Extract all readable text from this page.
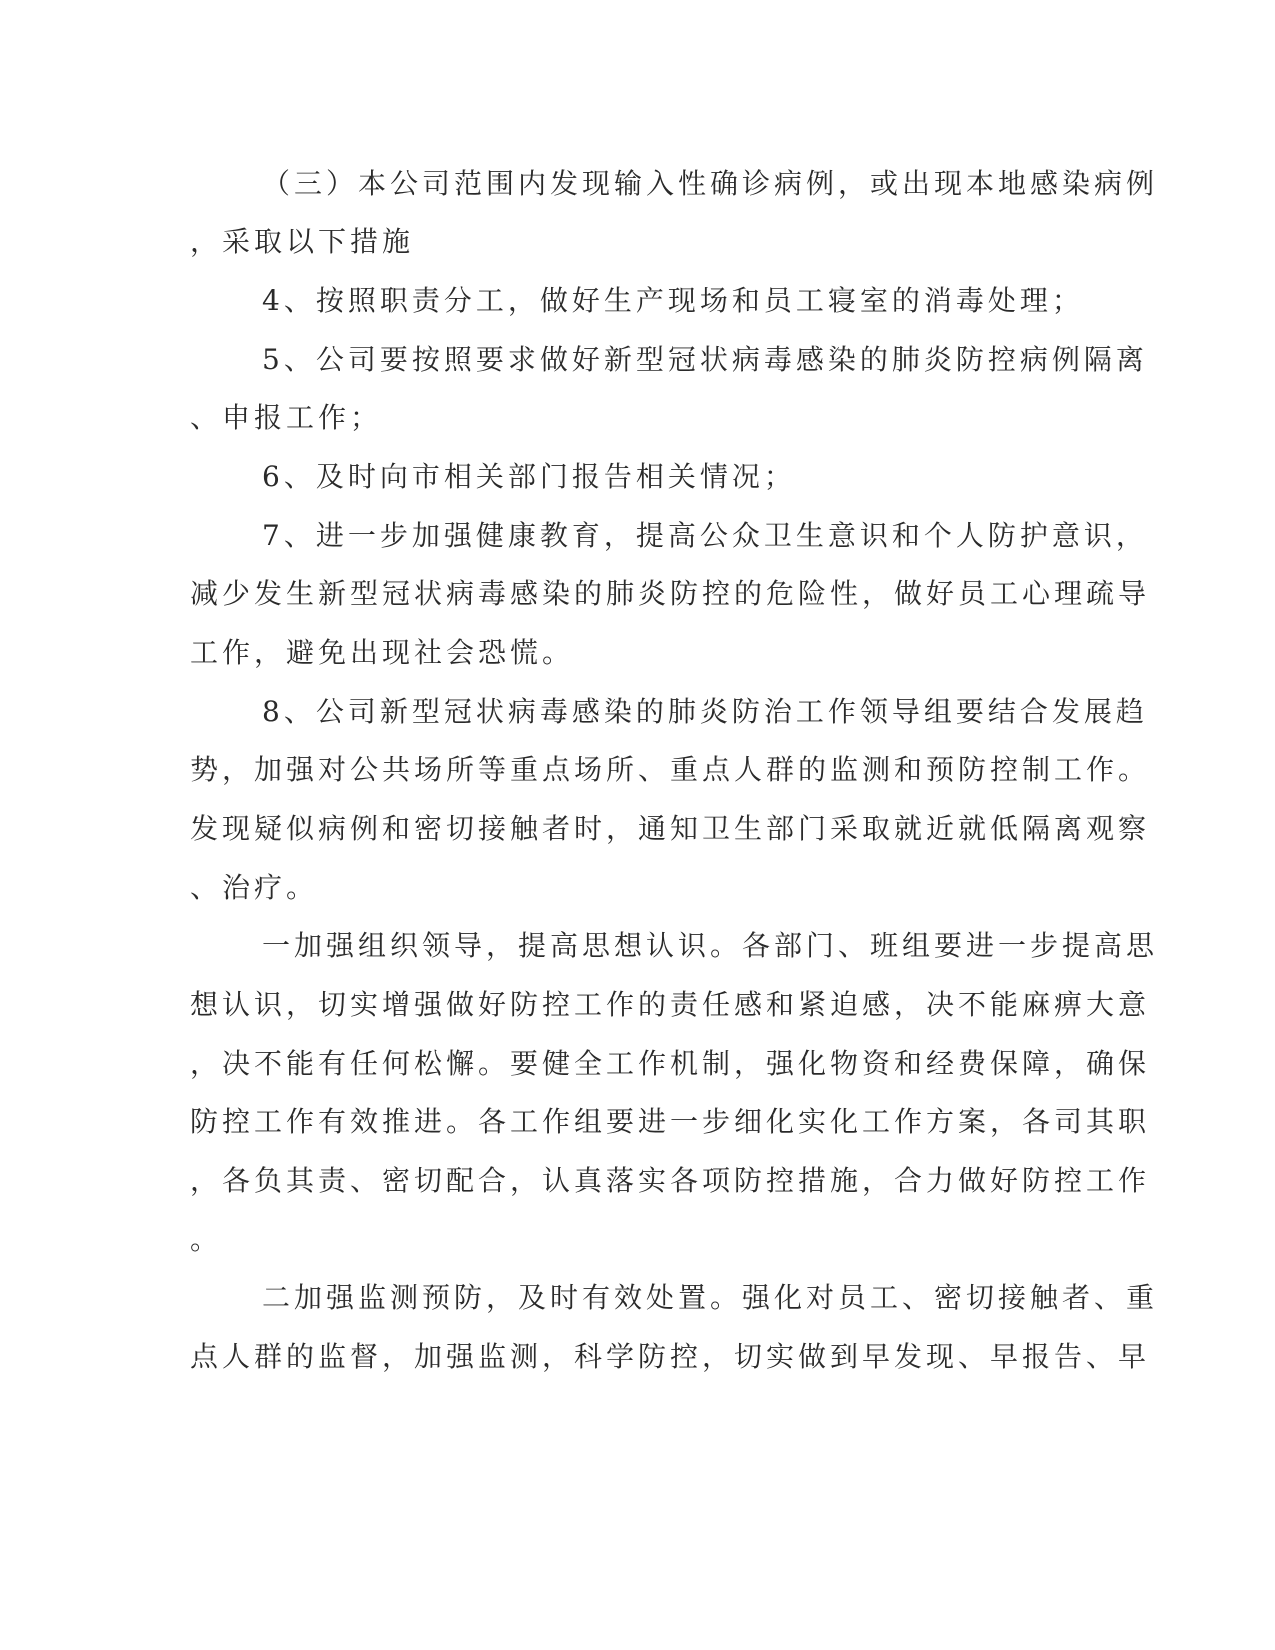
（三）本公司范围内发现输入性确诊病例，或出现本地感染病例
，采取以下措施
4、按照职责分工，做好生产现场和员工寝室的消毒处理；
5、公司要按照要求做好新型冠状病毒感染的肺炎防控病例隔离
、申报工作；
6、及时向市相关部门报告相关情况；
7、进一步加强健康教育，提高公众卫生意识和个人防护意识，
减少发生新型冠状病毒感染的肺炎防控的危险性，做好员工心理疏导
工作，避免出现社会恐慌。
8、公司新型冠状病毒感染的肺炎防治工作领导组要结合发展趋
势，加强对公共场所等重点场所、重点人群的监测和预防控制工作。
发现疑似病例和密切接触者时，通知卫生部门采取就近就低隔离观察
、治疗。
一加强组织领导，提高思想认识。各部门、班组要进一步提高思
想认识，切实增强做好防控工作的责任感和紧迫感，决不能麻痹大意
，决不能有任何松懈。要健全工作机制，强化物资和经费保障，确保
防控工作有效推进。各工作组要进一步细化实化工作方案，各司其职
，各负其责、密切配合，认真落实各项防控措施，合力做好防控工作
。
二加强监测预防，及时有效处置。强化对员工、密切接触者、重
点人群的监督，加强监测，科学防控，切实做到早发现、早报告、早
